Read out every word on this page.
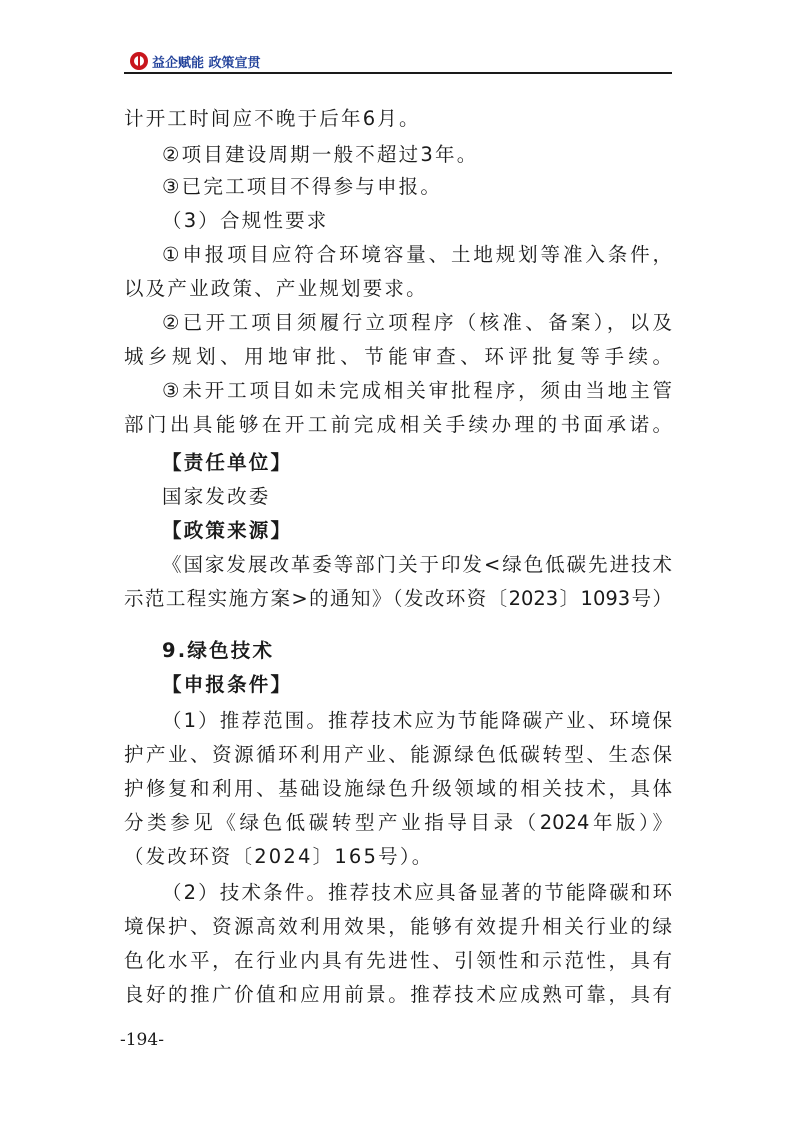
益企赋能 政策宣贯
计开工时间应不晚于后年6月。
②项目建设周期一般不超过3年。
③已完工项目不得参与申报。
（3）合规性要求
①申报项目应符合环境容量、土地规划等准入条件，
以及产业政策、产业规划要求。
②已开工项目须履行立项程序（核准、备案），以及
城乡规划、用地审批、节能审查、环评批复等手续。
③未开工项目如未完成相关审批程序，须由当地主管
部门出具能够在开工前完成相关手续办理的书面承诺。
【责任单位】
国家发改委
【政策来源】
《国家发展改革委等部门关于印发<绿色低碳先进技术
示范工程实施方案>的通知》（发改环资〔2023〕1093号）
9.绿色技术
【申报条件】
（1）推荐范围。推荐技术应为节能降碳产业、环境保
护产业、资源循环利用产业、能源绿色低碳转型、生态保
护修复和利用、基础设施绿色升级领域的相关技术，具体
分类参见《绿色低碳转型产业指导目录（2024年版）》
（发改环资〔2024〕165号）。
（2）技术条件。推荐技术应具备显著的节能降碳和环
境保护、资源高效利用效果，能够有效提升相关行业的绿
色化水平，在行业内具有先进性、引领性和示范性，具有
良好的推广价值和应用前景。推荐技术应成熟可靠，具有
-194-
